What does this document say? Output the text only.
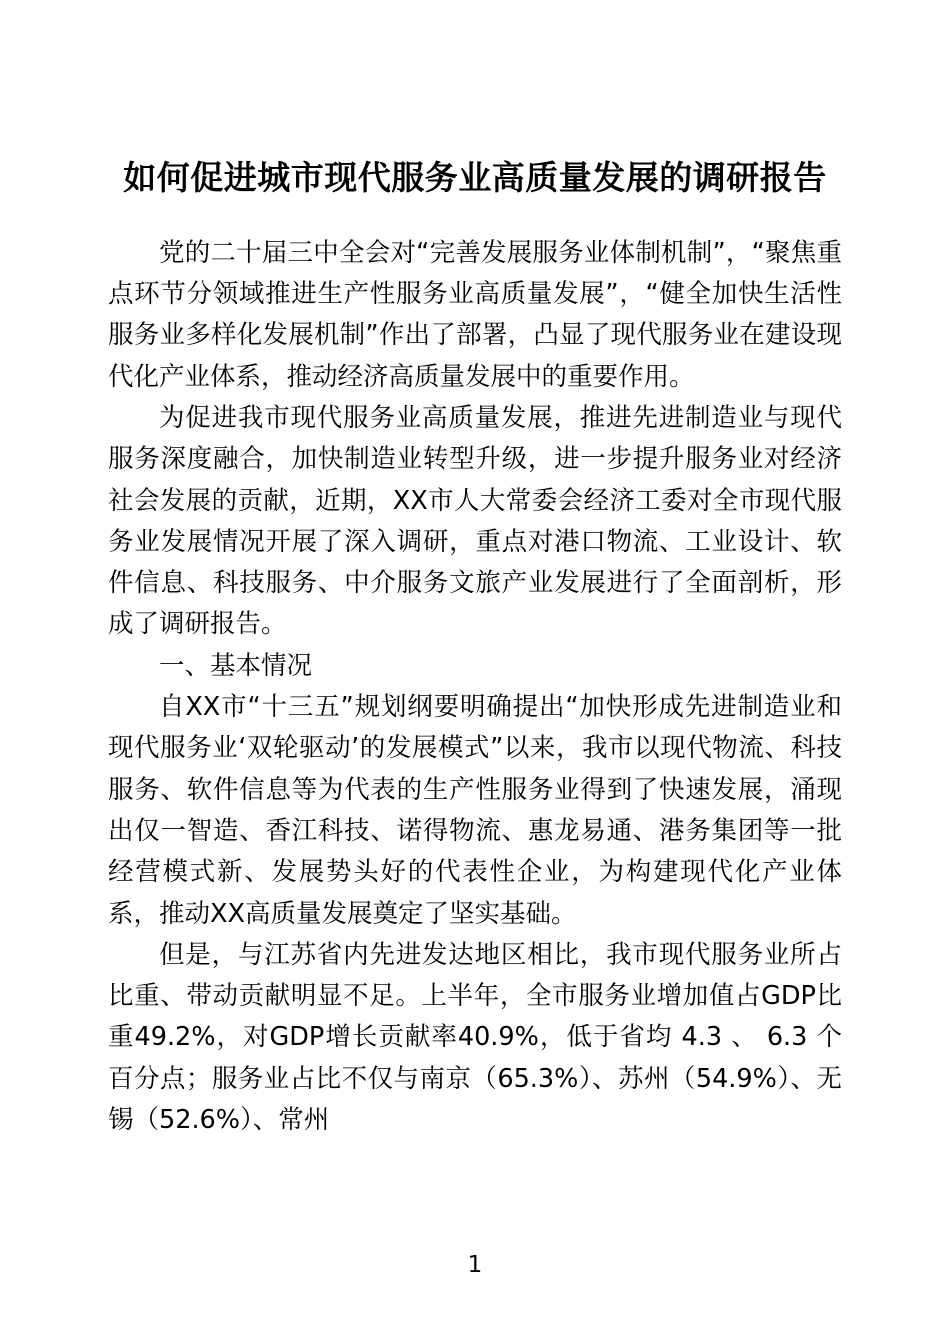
如何促进城市现代服务业高质量发展的调研报告

党的二十届三中全会对“完善发展服务业体制机制”，“聚焦重点环节分领域推进生产性服务业高质量发展”，“健全加快生活性服务业多样化发展机制”作出了部署，凸显了现代服务业在建设现代化产业体系，推动经济高质量发展中的重要作用。

为促进我市现代服务业高质量发展，推进先进制造业与现代服务深度融合，加快制造业转型升级，进一步提升服务业对经济社会发展的贡献，近期，XX市人大常委会经济工委对全市现代服务业发展情况开展了深入调研，重点对港口物流、工业设计、软件信息、科技服务、中介服务文旅产业发展进行了全面剖析，形成了调研报告。

一、基本情况

自XX市“十三五”规划纲要明确提出“加快形成先进制造业和现代服务业‘双轮驱动’的发展模式”以来，我市以现代物流、科技服务、软件信息等为代表的生产性服务业得到了快速发展，涌现出仅一智造、香江科技、诺得物流、惠龙易通、港务集团等一批经营模式新、发展势头好的代表性企业，为构建现代化产业体系，推动XX高质量发展奠定了坚实基础。

但是，与江苏省内先进发达地区相比，我市现代服务业所占比重、带动贡献明显不足。上半年，全市服务业增加值占GDP比重49.2%，对GDP增长贡献率40.9%，低于省均 4.3 、 6.3 个百分点；服务业占比不仅与南京（65.3%）、苏州（54.9%）、无锡（52.6%）、常州

1
